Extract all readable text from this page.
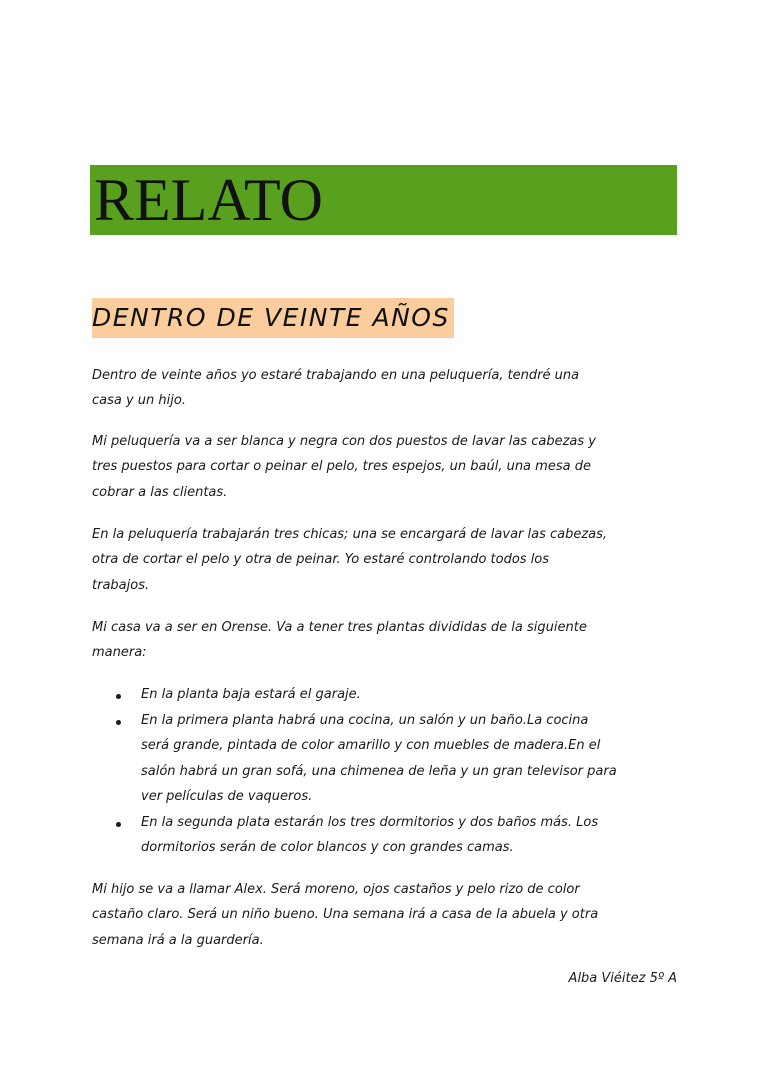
RELATO
DENTRO DE VEINTE AÑOS
Dentro de veinte años yo estaré trabajando en una peluquería, tendré una
casa y un hijo.
Mi peluquería va a ser blanca y negra con dos puestos de lavar las cabezas y
tres puestos para cortar o peinar el pelo, tres espejos, un baúl, una mesa de
cobrar a las clientas.
En la peluquería trabajarán tres chicas; una se encargará de lavar las cabezas,
otra de cortar el pelo y otra de peinar. Yo estaré controlando todos los
trabajos.
Mi casa va a ser en Orense. Va a tener tres plantas divididas de la siguiente
manera:
En la planta baja estará el garaje.
En la primera planta habrá una cocina, un salón y un baño.La cocina
será grande, pintada de color amarillo y con muebles de madera.En el
salón habrá un gran sofá, una chimenea de leña y un gran televisor para
ver películas de vaqueros.
En la segunda plata estarán los tres dormitorios y dos baños más. Los
dormitorios serán de color blancos y con grandes camas.
Mi hijo se va a llamar Alex. Será moreno, ojos castaños y pelo rizo de color
castaño claro. Será un niño bueno. Una semana irá a casa de la abuela y otra
semana irá a la guardería.
Alba Viéitez 5º A
